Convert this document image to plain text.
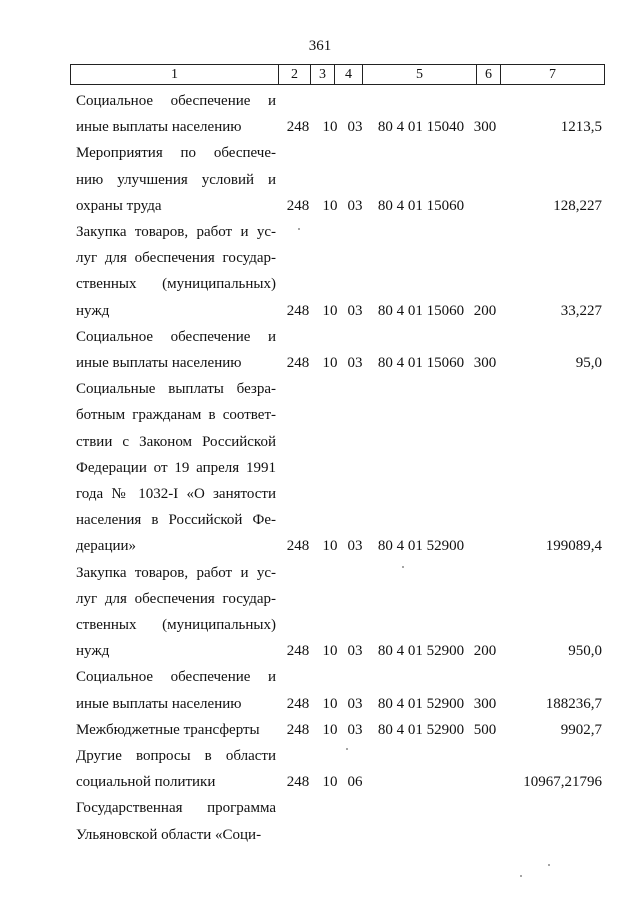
361
1	2	3	4	5	6	7
Социальное обеспечение и
иные выплаты населению	248 10 03	80 4 01 15040 300	1213,5
Мероприятия по обеспече-
нию улучшения условий и
охраны труда	248 10 03	80 4 01 15060	128,227
Закупка товаров, работ и ус-
луг для обеспечения государ-
ственных (муниципальных)
нужд	248 10 03	80 4 01 15060 200	33,227
Социальное обеспечение и
иные выплаты населению	248 10 03	80 4 01 15060 300	95,0
Социальные выплаты безра-
ботным гражданам в соответ-
ствии с Законом Российской
Федерации от 19 апреля 1991
года № 1032-I «О занятости
населения в Российской Фе-
дерации»	248 10 03	80 4 01 52900	199089,4
Закупка товаров, работ и ус-
луг для обеспечения государ-
ственных (муниципальных)
нужд	248 10 03	80 4 01 52900 200	950,0
Социальное обеспечение и
иные выплаты населению	248 10 03	80 4 01 52900 300	188236,7
Межбюджетные трансферты	248 10 03	80 4 01 52900 500	9902,7
Другие вопросы в области
социальной политики	248 10 06	10967,21796
Государственная программа
Ульяновской области «Соци-
